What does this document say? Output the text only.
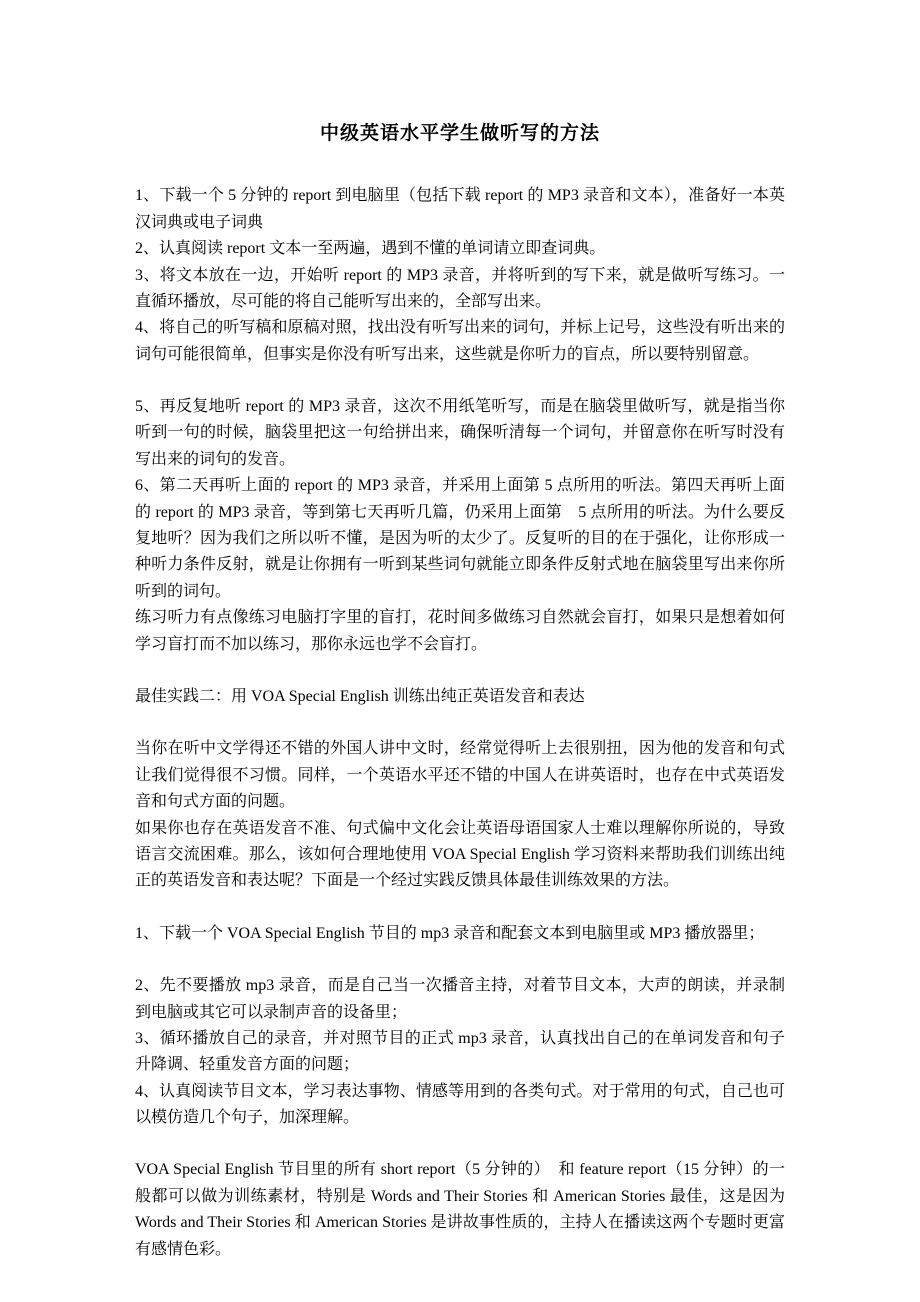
中级英语水平学生做听写的方法

1、下载一个 5 分钟的 report 到电脑里（包括下载 report 的 MP3 录音和文本），准备好一本英汉词典或电子词典

2、认真阅读 report 文本一至两遍，遇到不懂的单词请立即查词典。

3、将文本放在一边，开始听 report 的 MP3 录音，并将听到的写下来，就是做听写练习。一直循环播放，尽可能的将自己能听写出来的，全部写出来。

4、将自己的听写稿和原稿对照，找出没有听写出来的词句，并标上记号，这些没有听出来的词句可能很简单，但事实是你没有听写出来，这些就是你听力的盲点，所以要特别留意。

5、再反复地听 report 的 MP3 录音，这次不用纸笔听写，而是在脑袋里做听写，就是指当你听到一句的时候，脑袋里把这一句给拼出来，确保听清每一个词句，并留意你在听写时没有写出来的词句的发音。

6、第二天再听上面的 report 的 MP3 录音，并采用上面第 5 点所用的听法。第四天再听上面的 report 的 MP3 录音，等到第七天再听几篇，仍采用上面第　5 点所用的听法。为什么要反复地听？因为我们之所以听不懂，是因为听的太少了。反复听的目的在于强化，让你形成一种听力条件反射，就是让你拥有一听到某些词句就能立即条件反射式地在脑袋里写出来你所听到的词句。

练习听力有点像练习电脑打字里的盲打，花时间多做练习自然就会盲打，如果只是想着如何学习盲打而不加以练习，那你永远也学不会盲打。

最佳实践二：用 VOA Special English 训练出纯正英语发音和表达

当你在听中文学得还不错的外国人讲中文时，经常觉得听上去很别扭，因为他的发音和句式让我们觉得很不习惯。同样，一个英语水平还不错的中国人在讲英语时，也存在中式英语发音和句式方面的问题。

如果你也存在英语发音不准、句式偏中文化会让英语母语国家人士难以理解你所说的，导致语言交流困难。那么，该如何合理地使用 VOA Special English 学习资料来帮助我们训练出纯正的英语发音和表达呢？下面是一个经过实践反馈具体最佳训练效果的方法。

1、下载一个 VOA Special English 节目的 mp3 录音和配套文本到电脑里或 MP3 播放器里；

2、先不要播放 mp3 录音，而是自己当一次播音主持，对着节目文本，大声的朗读，并录制到电脑或其它可以录制声音的设备里；

3、循环播放自己的录音，并对照节目的正式 mp3 录音，认真找出自己的在单词发音和句子升降调、轻重发音方面的问题；

4、认真阅读节目文本，学习表达事物、情感等用到的各类句式。对于常用的句式，自己也可以模仿造几个句子，加深理解。

VOA Special English 节目里的所有 short report（5 分钟的）　和 feature report（15 分钟）的一般都可以做为训练素材，特别是 Words and Their Stories 和 American Stories 最佳，这是因为 Words and Their Stories 和 American Stories 是讲故事性质的，主持人在播读这两个专题时更富有感情色彩。
